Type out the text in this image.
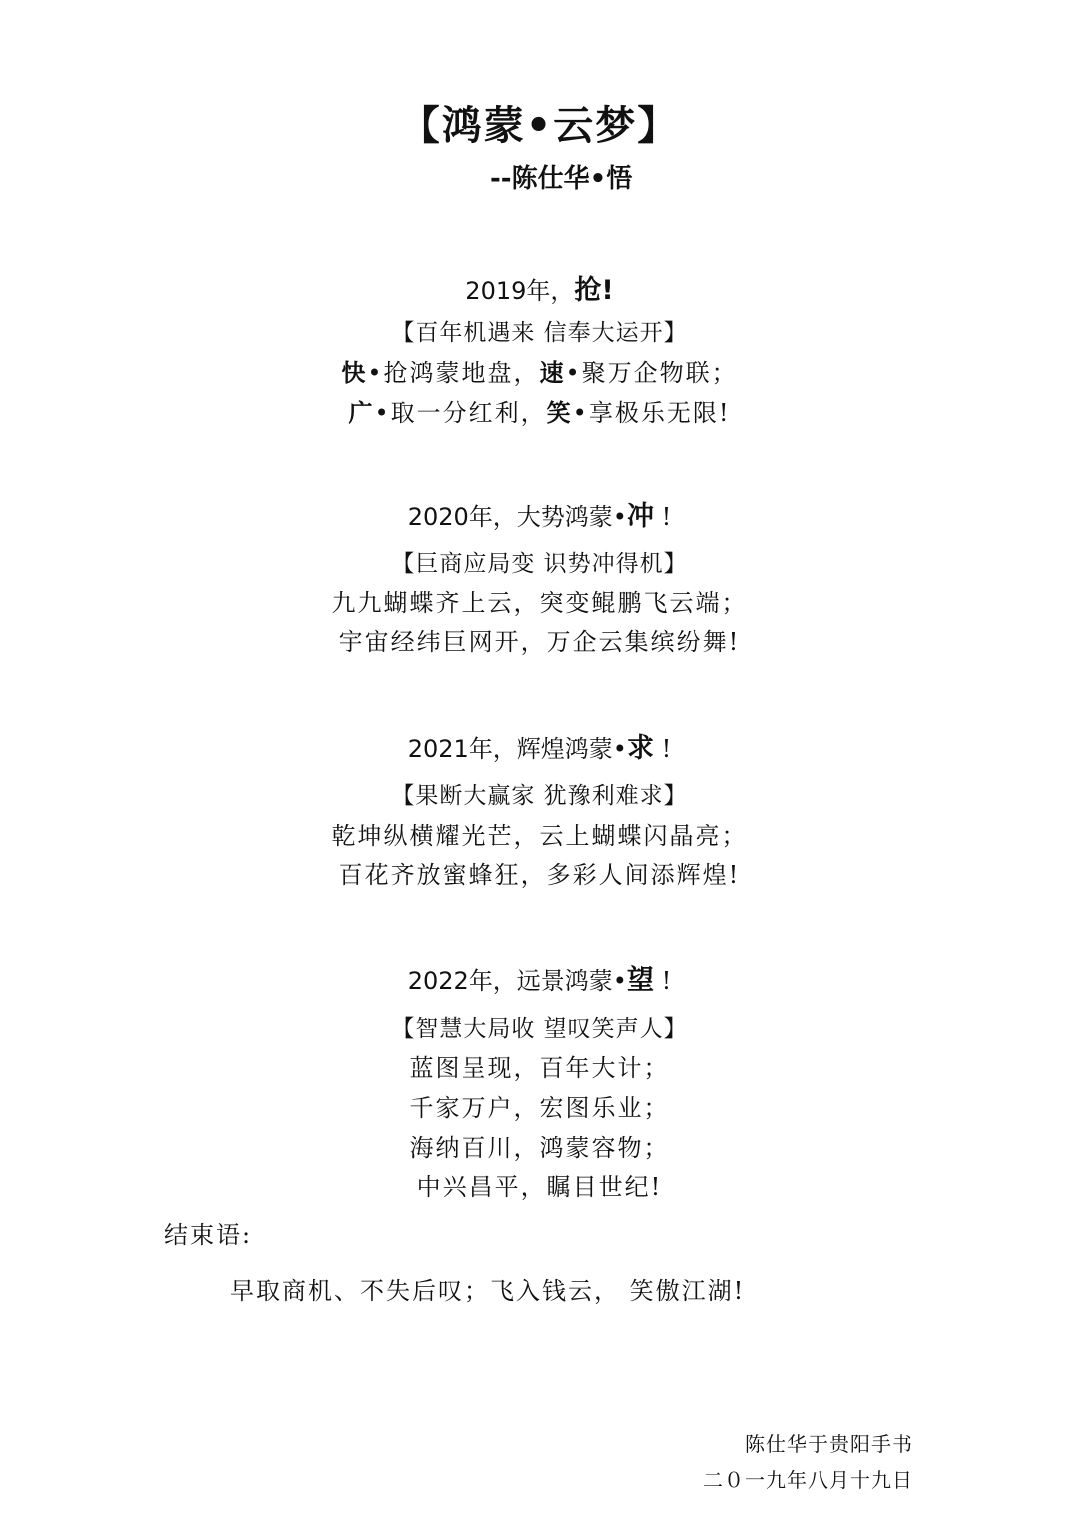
【鸿蒙•云梦】
--陈仕华•悟
2019年，抢!
【百年机遇来 信奉大运开】
快•抢鸿蒙地盘，速•聚万企物联；
广•取一分红利，笑•享极乐无限!
2020年，大势鸿蒙•冲 !
【巨商应局变 识势冲得机】
九九蝴蝶齐上云，突变鲲鹏飞云端；
宇宙经纬巨网开，万企云集缤纷舞!
2021年，辉煌鸿蒙•求 !
【果断大赢家 犹豫利难求】
乾坤纵横耀光芒，云上蝴蝶闪晶亮；
百花齐放蜜蜂狂，多彩人间添辉煌!
2022年，远景鸿蒙•望 !
【智慧大局收 望叹笑声人】
蓝图呈现，百年大计；
千家万户，宏图乐业；
海纳百川，鸿蒙容物；
中兴昌平，瞩目世纪!
结束语:
早取商机、不失后叹；飞入钱云， 笑傲江湖!
陈仕华于贵阳手书
二０一九年八月十九日
